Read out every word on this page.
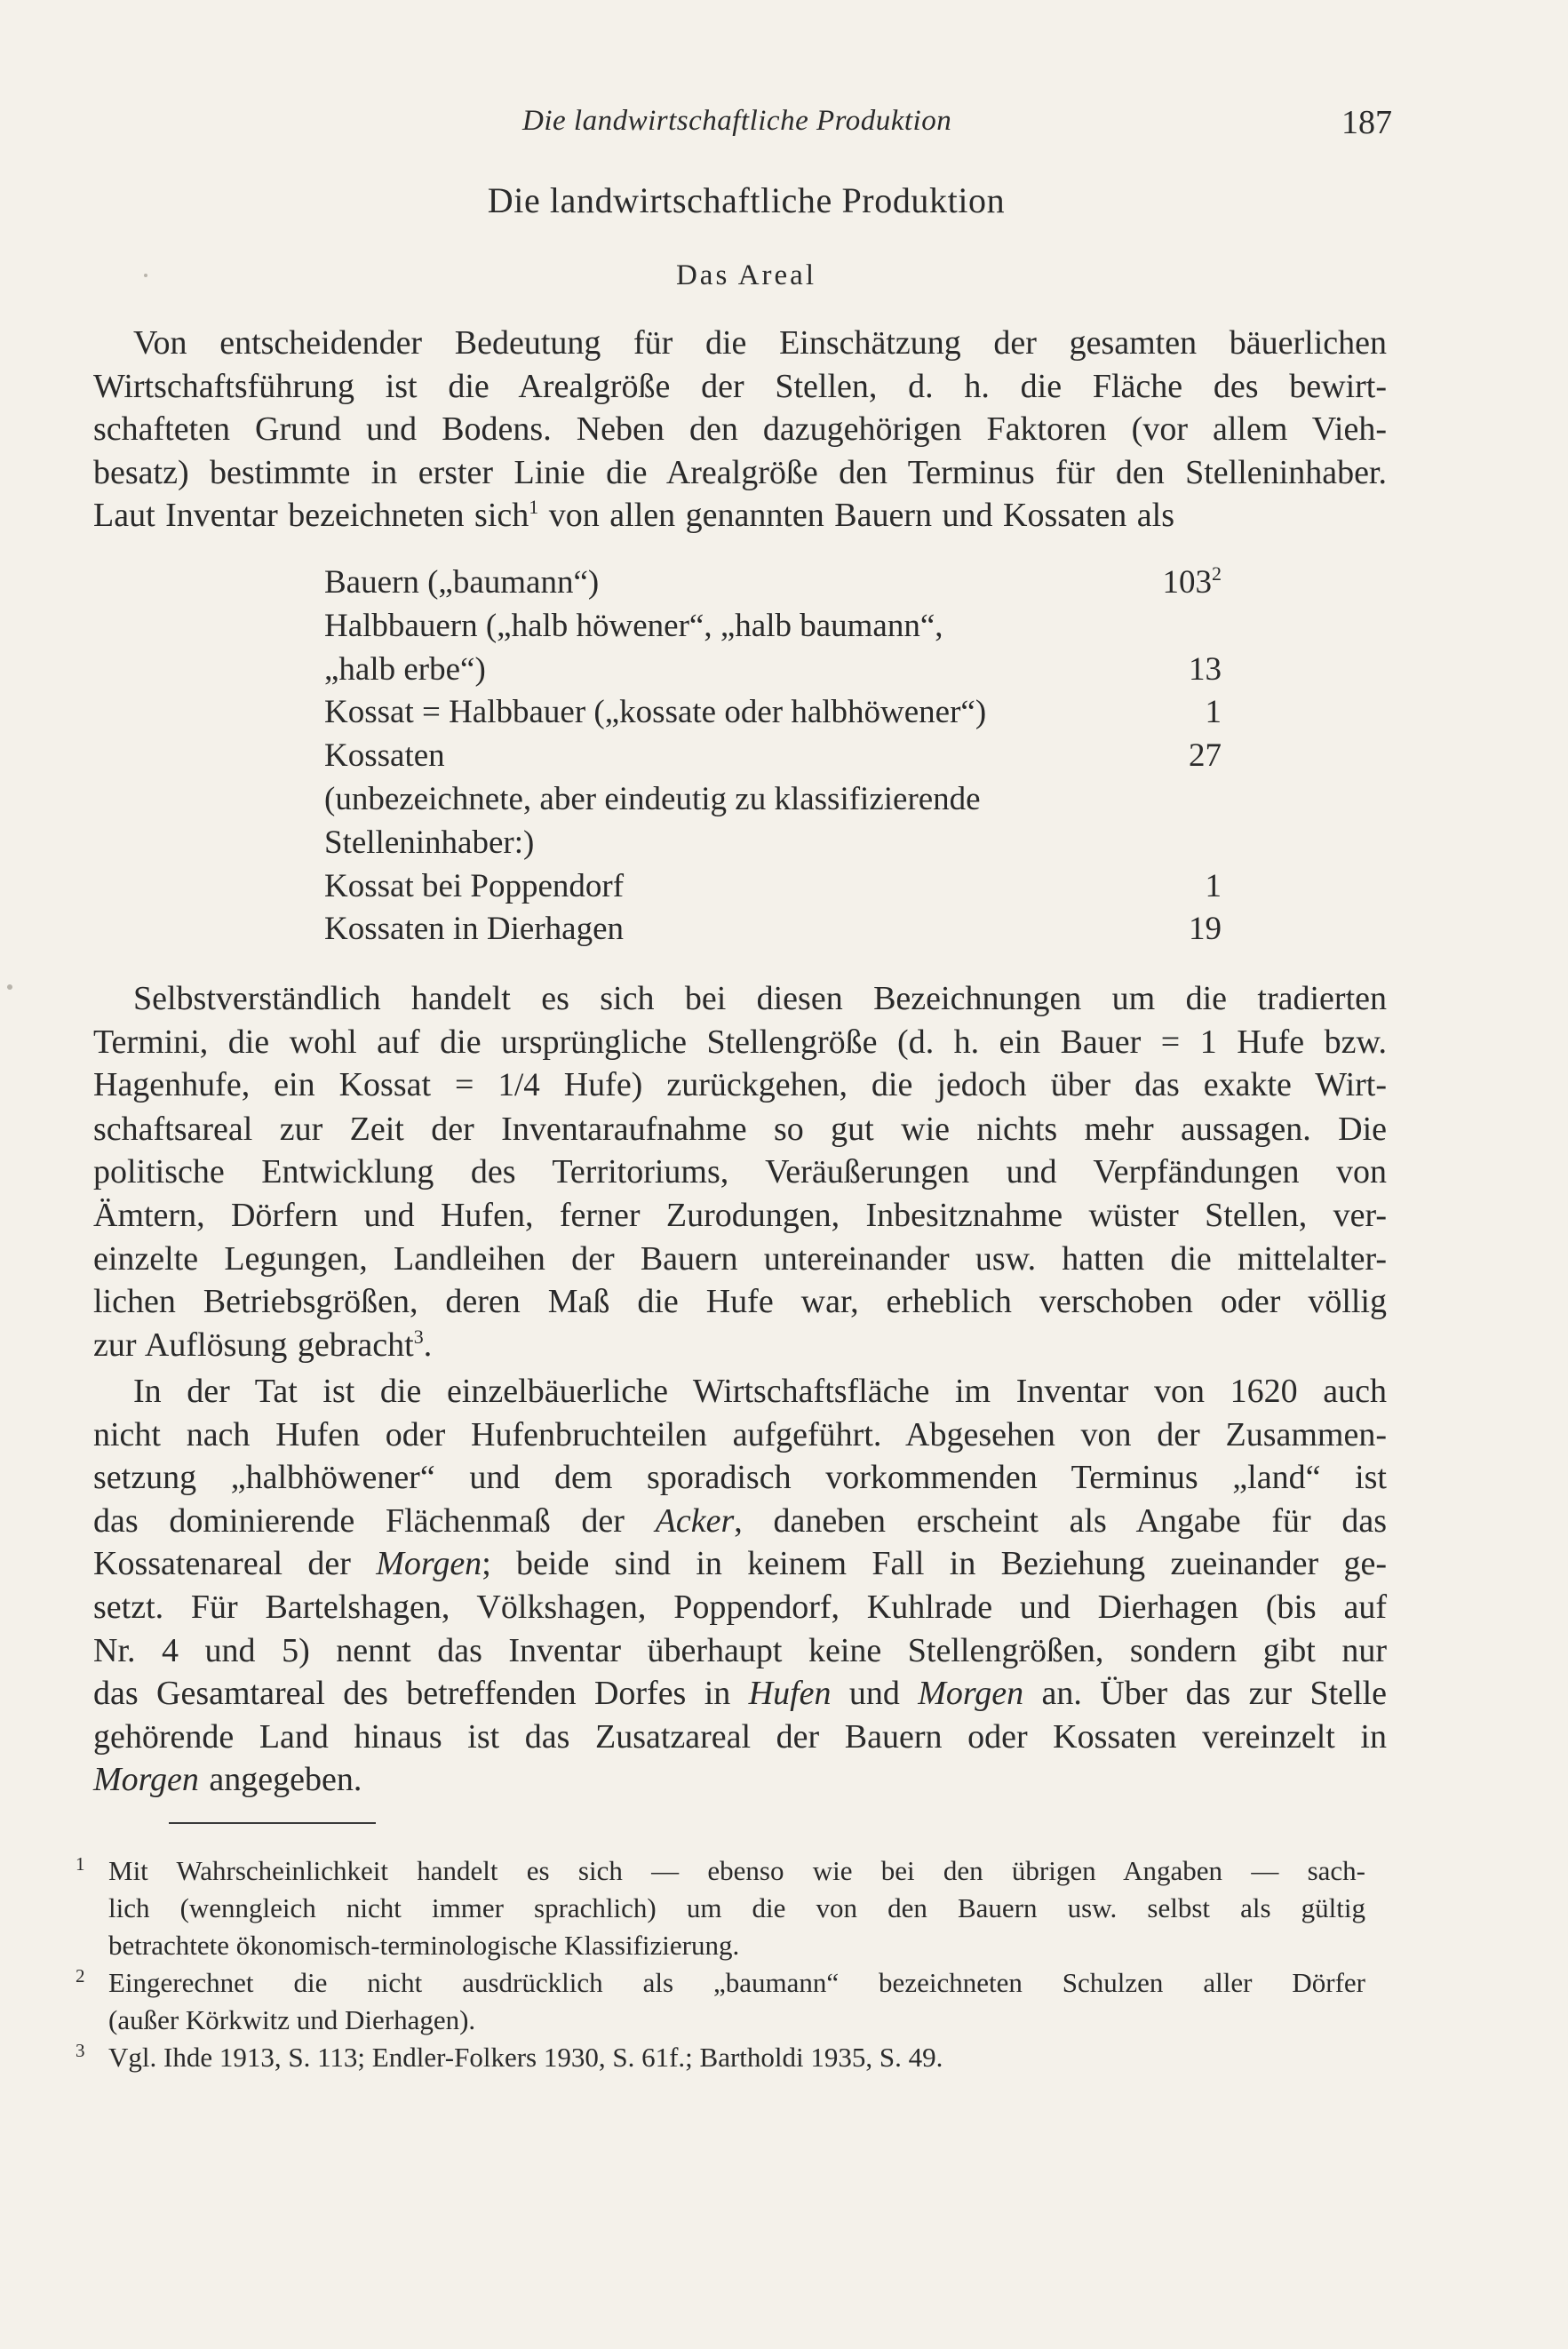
Die landwirtschaftliche Produktion	187
Die landwirtschaftliche Produktion
Das Areal
Von entscheidender Bedeutung für die Einschätzung der gesamten bäuerlichen
Wirtschaftsführung ist die Arealgröße der Stellen, d. h. die Fläche des bewirt-
schafteten Grund und Bodens. Neben den dazugehörigen Faktoren (vor allem Vieh-
besatz) bestimmte in erster Linie die Arealgröße den Terminus für den Stelleninhaber.
Laut Inventar bezeichneten sich$^1$ von allen genannten Bauern und Kossaten als
Bauern („baumann“)	$103^2$
Halbbauern („halb höwener“, „halb baumann“,
„halb erbe“)	13
Kossat = Halbbauer („kossate oder halbhöwener“)	1
Kossaten	27
(unbezeichnete, aber eindeutig zu klassifizierende
Stelleninhaber:)
Kossat bei Poppendorf	1
Kossaten in Dierhagen	19
Selbstverständlich handelt es sich bei diesen Bezeichnungen um die tradierten
Termini, die wohl auf die ursprüngliche Stellengröße (d. h. ein Bauer = 1 Hufe bzw.
Hagenhufe, ein Kossat = 1/4 Hufe) zurückgehen, die jedoch über das exakte Wirt-
schaftsareal zur Zeit der Inventaraufnahme so gut wie nichts mehr aussagen. Die
politische Entwicklung des Territoriums, Veräußerungen und Verpfändungen von
Ämtern, Dörfern und Hufen, ferner Zurodungen, Inbesitznahme wüster Stellen, ver-
einzelte Legungen, Landleihen der Bauern untereinander usw. hatten die mittelalter-
lichen Betriebsgrößen, deren Maß die Hufe war, erheblich verschoben oder völlig
zur Auflösung gebracht$^3$.
In der Tat ist die einzelbäuerliche Wirtschaftsfläche im Inventar von 1620 auch
nicht nach Hufen oder Hufenbruchteilen aufgeführt. Abgesehen von der Zusammen-
setzung „halbhöwener“ und dem sporadisch vorkommenden Terminus „land“ ist
das dominierende Flächenmaß der Acker, daneben erscheint als Angabe für das
Kossatenareal der Morgen; beide sind in keinem Fall in Beziehung zueinander ge-
setzt. Für Bartelshagen, Völkshagen, Poppendorf, Kuhlrade und Dierhagen (bis auf
Nr. 4 und 5) nennt das Inventar überhaupt keine Stellengrößen, sondern gibt nur
das Gesamtareal des betreffenden Dorfes in Hufen und Morgen an. Über das zur Stelle
gehörende Land hinaus ist das Zusatzareal der Bauern oder Kossaten vereinzelt in
Morgen angegeben.
1 Mit Wahrscheinlichkeit handelt es sich — ebenso wie bei den übrigen Angaben — sach-
lich (wenngleich nicht immer sprachlich) um die von den Bauern usw. selbst als gültig
betrachtete ökonomisch-terminologische Klassifizierung.
2 Eingerechnet die nicht ausdrücklich als „baumann“ bezeichneten Schulzen aller Dörfer
(außer Körkwitz und Dierhagen).
3 Vgl. Ihde 1913, S. 113; Endler-Folkers 1930, S. 61f.; Bartholdi 1935, S. 49.
